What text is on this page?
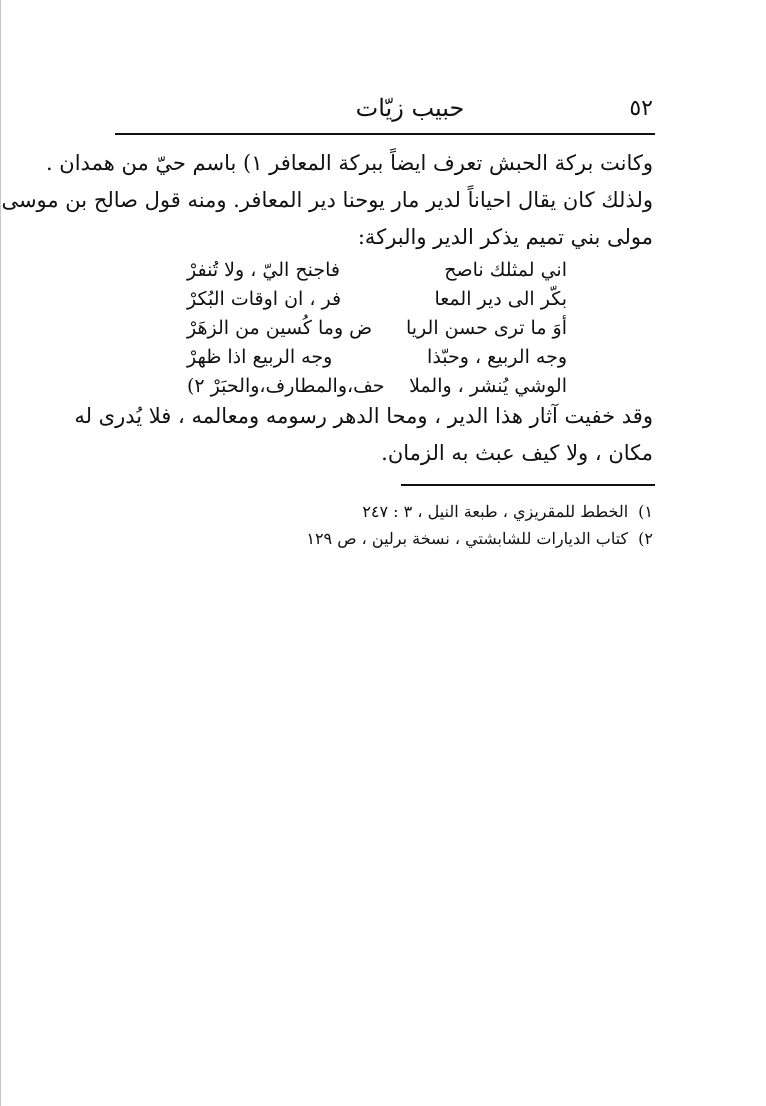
٥٢
حبيب زيّات
وكانت بركة الحبش تعرف ايضاً ببركة المعافر ١) باسم حيّ من همدان .
ولذلك كان يقال احياناً لدير مار يوحنا دير المعافر. ومنه قول صالح بن موسى
مولى بني تميم يذكر الدير والبركة:
اني لمثلك ناصح
فاجنح اليّ ، ولا تُنفرْ
بكّر الى دير المعا
فر ، ان اوقات البُكرْ
أوَ ما ترى حسن الريا
ض وما كُسين من الزهَرْ
وجه الربيع ، وحبّذا
وجه الربيع اذا ظهرْ
الوشي يُنشر ، والملا
حف،والمطارف،والحبَرْ ٢)
وقد خفيت آثار هذا الدير ، ومحا الدهر رسومه ومعالمه ، فلا يُدرى له
مكان ، ولا كيف عبث به الزمان.
١)الخطط للمقريزي ، طبعة النيل ، ٣ : ٢٤٧
٢)كتاب الديارات للشابشتي ، نسخة برلين ، ص ١٢٩
